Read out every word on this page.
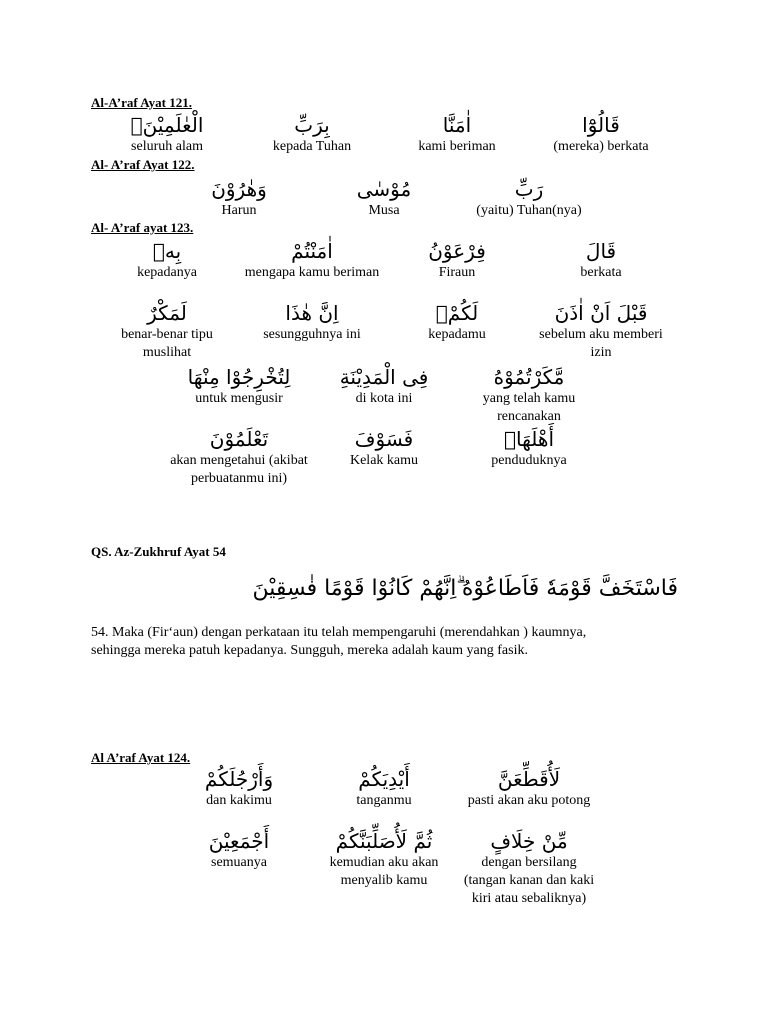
Al-A’raf Ayat 121.
قَالُوْٓا
(mereka) berkata
اٰمَنَّا
kami beriman
بِرَبِّ
kepada Tuhan
الْعٰلَمِيْنَۙ
seluruh alam
Al- A’raf Ayat 122.
رَبِّ
(yaitu) Tuhan(nya)
مُوْسٰى
Musa
وَهٰرُوْنَ
Harun
Al- A’raf ayat 123.
قَالَ
berkata
فِرْعَوْنُ
Firaun
اٰمَنْتُمْ
mengapa kamu beriman
بِهٖ
kepadanya
قَبْلَ اَنْ اٰذَنَ
sebelum aku memberi izin
لَكُمْۚ
kepadamu
اِنَّ هٰذَا
sesungguhnya ini
لَمَكْرٌ
benar-benar tipu muslihat
مَّكَرْتُمُوْهُ
yang telah kamu rencanakan
فِى الْمَدِيْنَةِ
di kota ini
لِتُخْرِجُوْا مِنْهَا
untuk mengusir
أَهْلَهَاۚ
penduduknya
فَسَوْفَ
Kelak kamu
تَعْلَمُوْنَ
akan mengetahui (akibat perbuatanmu ini)
QS. Az-Zukhruf Ayat 54
فَاسْتَخَفَّ قَوْمَهٗ فَاَطَاعُوْهُ ۗاِنَّهُمْ كَانُوْا قَوْمًا فٰسِقِيْنَ
54. Maka (Fir‘aun) dengan perkataan itu telah mempengaruhi (merendahkan ) kaumnya,
sehingga mereka patuh kepadanya. Sungguh, mereka adalah kaum yang fasik.
Al A’raf Ayat 124.
لَأُقَطِّعَنَّ
pasti akan aku potong
أَيْدِيَكُمْ
tanganmu
وَأَرْجُلَكُمْ
dan kakimu
مِّنْ خِلَافٍ
dengan bersilang (tangan kanan dan kaki kiri atau sebaliknya)
ثُمَّ لَأُصَلِّبَنَّكُمْ
kemudian aku akan menyalib kamu
أَجْمَعِيْنَ
semuanya
